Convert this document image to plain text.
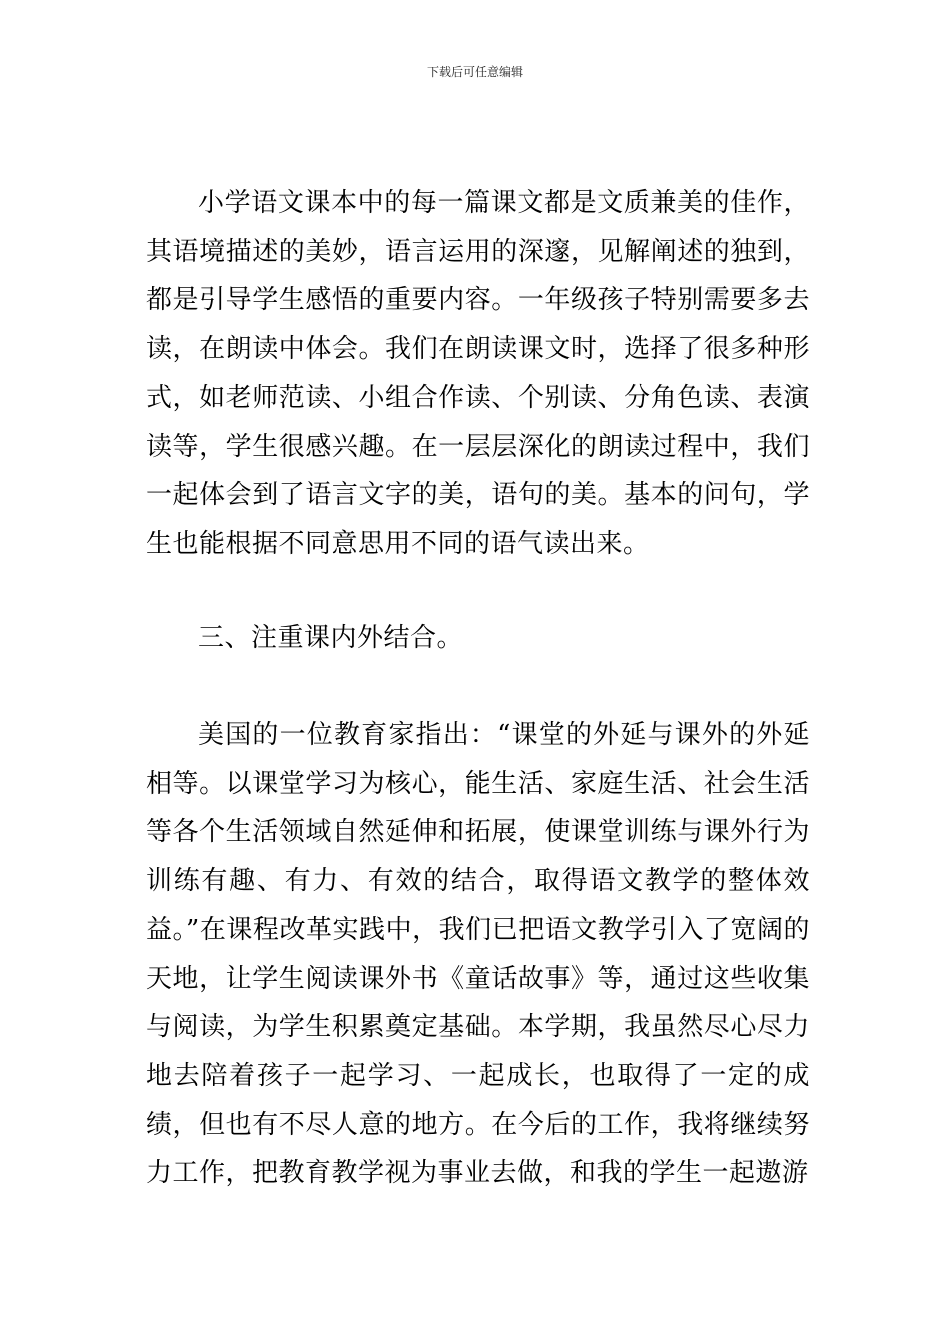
下载后可任意编辑

小学语文课本中的每一篇课文都是文质兼美的佳作，其语境描述的美妙，语言运用的深邃，见解阐述的独到，都是引导学生感悟的重要内容。一年级孩子特别需要多去读，在朗读中体会。我们在朗读课文时，选择了很多种形式，如老师范读、小组合作读、个别读、分角色读、表演读等，学生很感兴趣。在一层层深化的朗读过程中，我们一起体会到了语言文字的美，语句的美。基本的问句，学生也能根据不同意思用不同的语气读出来。

三、注重课内外结合。

美国的一位教育家指出：“课堂的外延与课外的外延相等。以课堂学习为核心，能生活、家庭生活、社会生活等各个生活领域自然延伸和拓展，使课堂训练与课外行为训练有趣、有力、有效的结合，取得语文教学的整体效益。”在课程改革实践中，我们已把语文教学引入了宽阔的天地，让学生阅读课外书《童话故事》等，通过这些收集与阅读，为学生积累奠定基础。本学期，我虽然尽心尽力地去陪着孩子一起学习、一起成长，也取得了一定的成绩，但也有不尽人意的地方。在今后的工作，我将继续努力工作，把教育教学视为事业去做，和我的学生一起遨游
